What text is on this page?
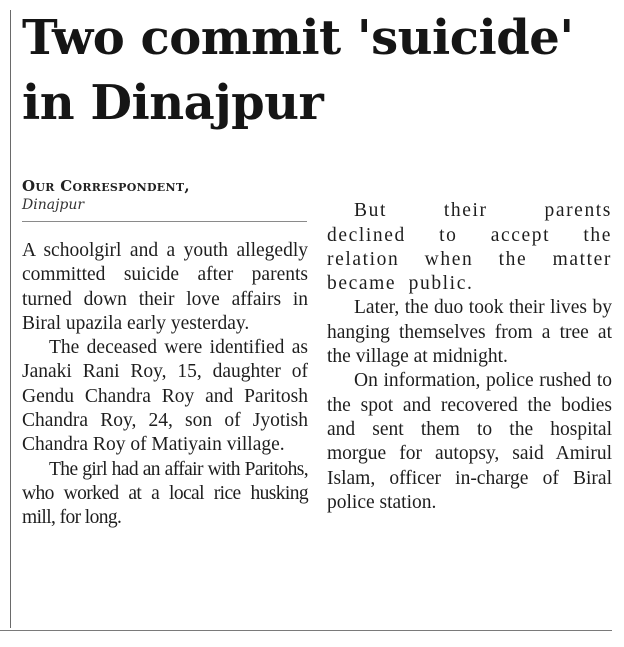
Two commit 'suicide' in Dinajpur
Our Correspondent,
Dinajpur

A schoolgirl and a youth allegedly committed suicide after parents turned down their love affairs in Biral upazila early yesterday.

The deceased were identified as Janaki Rani Roy, 15, daughter of Gendu Chandra Roy and Paritosh Chandra Roy, 24, son of Jyotish Chandra Roy of Matiyain village.

The girl had an affair with Paritohs, who worked at a local rice husking mill, for long.

But their parents declined to accept the relation when the matter became public.

Later, the duo took their lives by hanging themselves from a tree at the village at midnight.

On information, police rushed to the spot and recovered the bodies and sent them to the hospital morgue for autopsy, said Amirul Islam, officer in-charge of Biral police station.
